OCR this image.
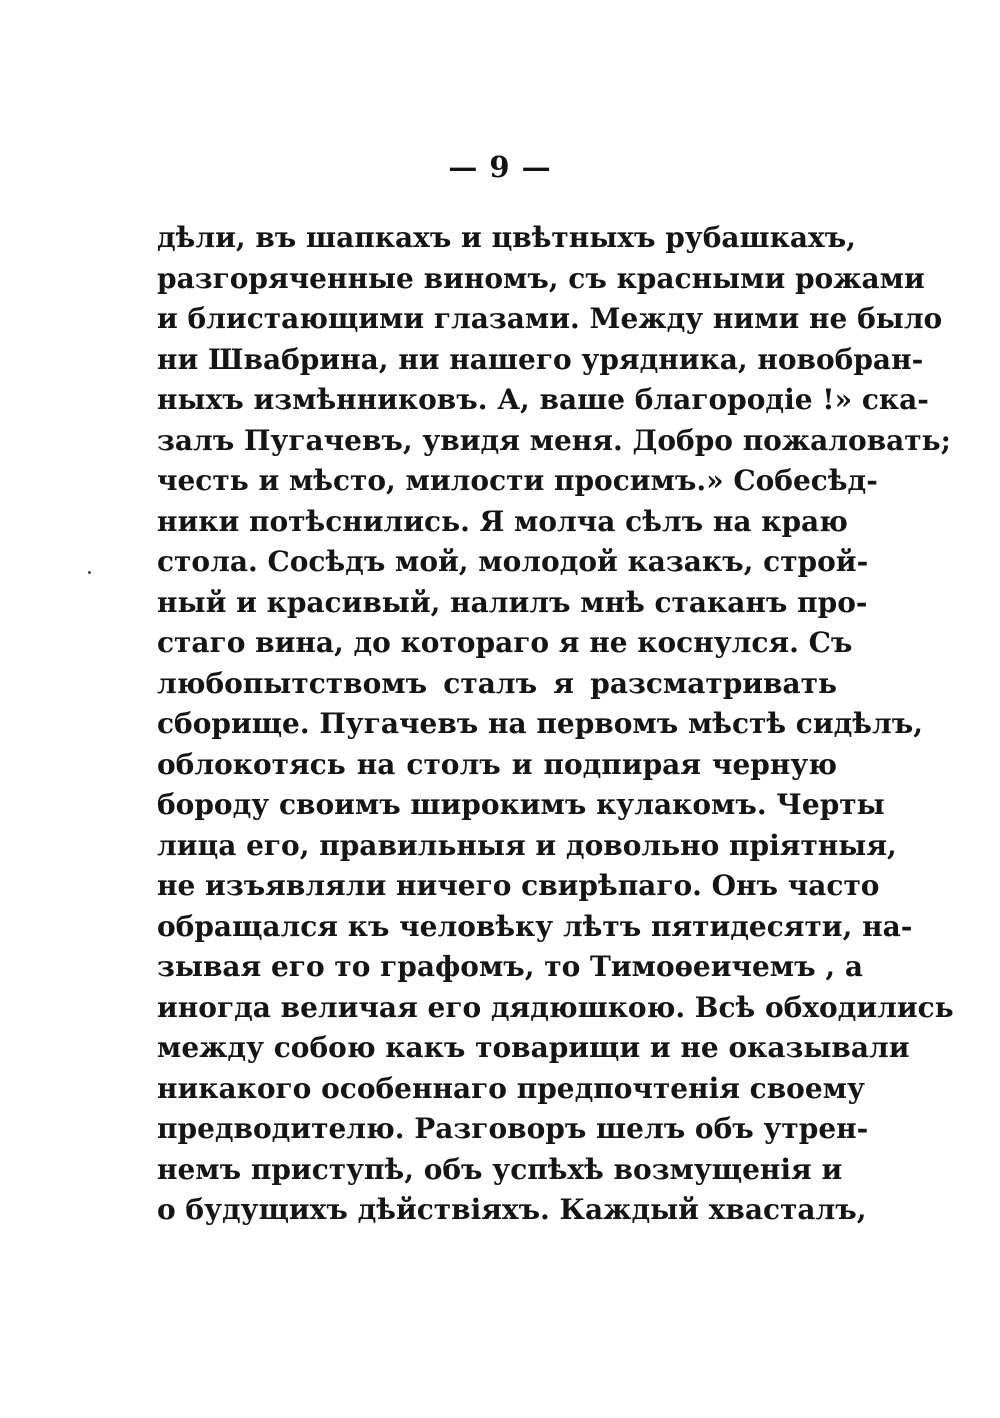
— 9 —
дѣли, въ шапкахъ и цвѣтныхъ рубашкахъ,
разгоряченные виномъ, съ красными рожами
и блистающими глазами. Между ними не было
ни Швабрина, ни нашего урядника, новобран-
ныхъ измѣнниковъ. А, ваше благородіе !» ска-
залъ Пугачевъ, увидя меня. Добро пожаловать;
честь и мѣсто, милости просимъ.» Собесѣд-
ники потѣснились. Я молча сѣлъ на краю
стола. Сосѣдъ мой, молодой казакъ, строй-
ный и красивый, налилъ мнѣ стаканъ про-
стаго вина, до котораго я не коснулся. Съ
любопытствомъ сталъ я разсматривать
сборище. Пугачевъ на первомъ мѣстѣ сидѣлъ,
облокотясь на столъ и подпирая черную
бороду своимъ широкимъ кулакомъ. Черты
лица его, правильныя и довольно пріятныя,
не изъявляли ничего свирѣпаго. Онъ часто
обращался къ человѣку лѣтъ пятидесяти, на-
зывая его то графомъ, то Тимоѳеичемъ , а
иногда величая его дядюшкою. Всѣ обходились
между собою какъ товарищи и не оказывали
никакого особеннаго предпочтенія своему
предводителю. Разговоръ шелъ объ утрен-
немъ приступѣ, объ успѣхѣ возмущенія и
о будущихъ дѣйствіяхъ. Каждый хвасталъ,
